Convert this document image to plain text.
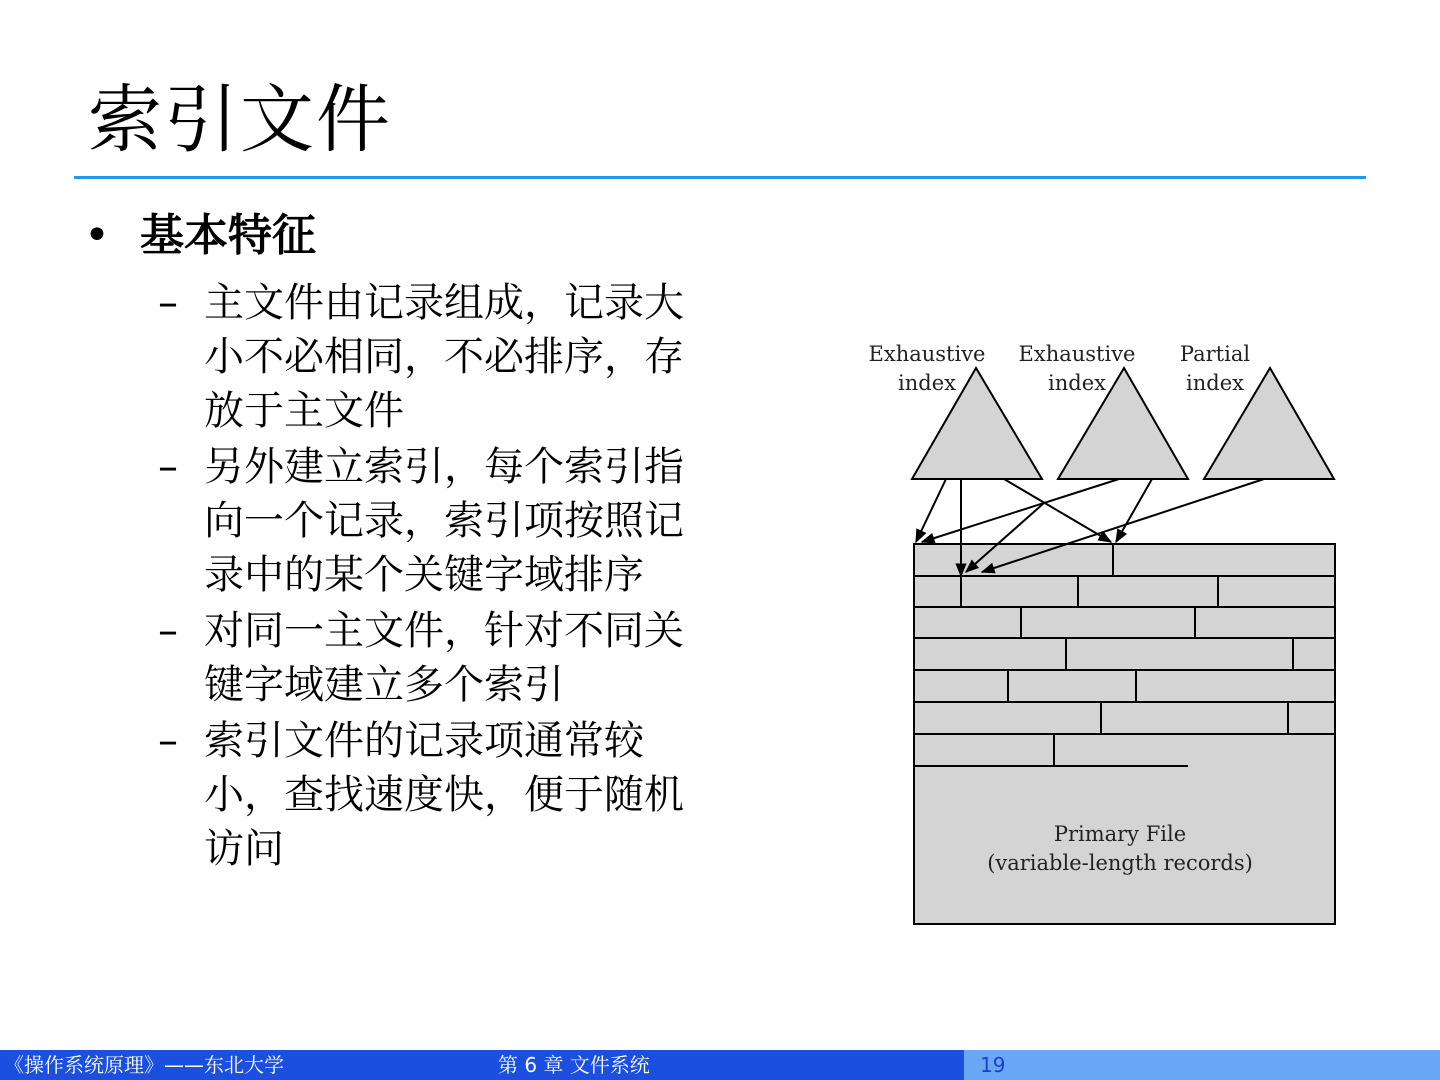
索引文件
• 基本特征
– 主文件由记录组成，记录大小不必相同，不必排序，存放于主文件
– 另外建立索引，每个索引指向一个记录，索引项按照记录中的某个关键字域排序
– 对同一主文件，针对不同关键字域建立多个索引
– 索引文件的记录项通常较小，查找速度快，便于随机访问
Exhaustive
index
Exhaustive
index
Partial
index
Primary File
(variable-length records)
《操作系统原理》——东北大学	第 6 章 文件系统	19
